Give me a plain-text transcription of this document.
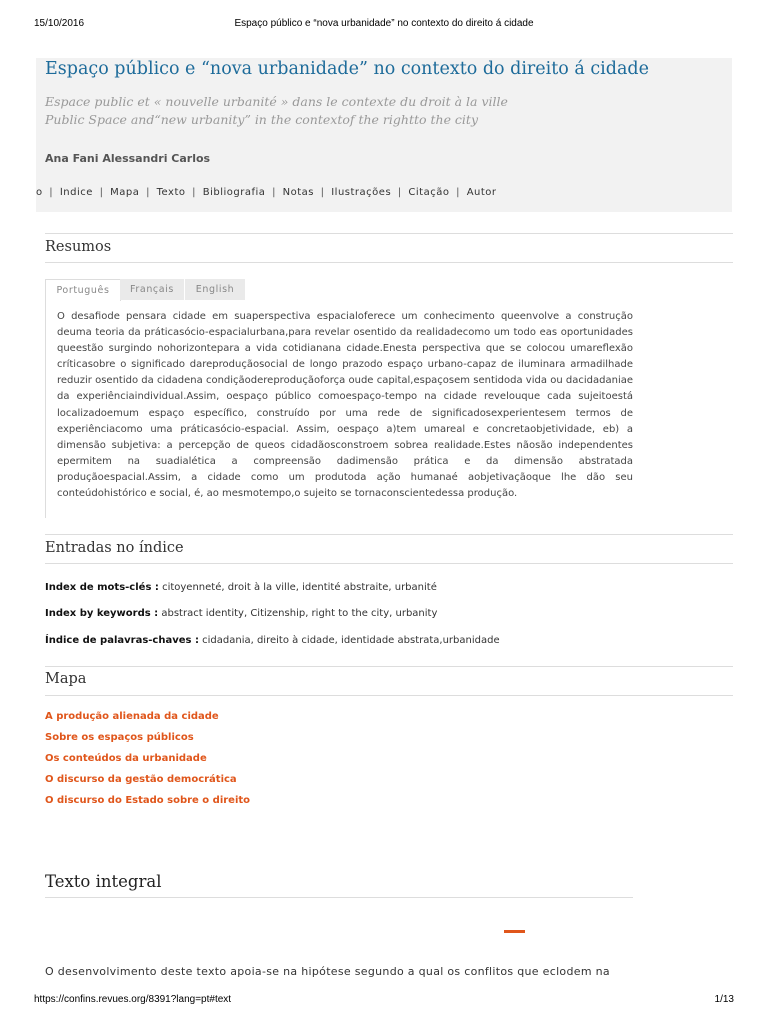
15/10/2016	Espaço público e “nova urbanidade” no contexto do direito á cidade
Espaço público e “nova urbanidade” no contexto do direito á cidade

Espace public et « nouvelle urbanité » dans le contexte du droit à la ville

Public Space and“new urbanity” in the contextof the rightto the city

Ana Fani Alessandri Carlos

o | Índice | Mapa | Texto | Bibliografia | Notas | Ilustrações | Citação | Autor
Resumos
Português	Français	English

O desafiode pensara cidade em suaperspectiva espacialoferece um conhecimento queenvolve a construção deuma teoria da práticasócio-espacialurbana,para revelar osentido da realidadecomo um todo eas oportunidades queestão surgindo nohorizontepara a vida cotidianana cidade.Enesta perspectiva que se colocou umareflexão críticasobre o significado dareproduçãosocial de longo prazodo espaço urbano-capaz de iluminara armadilhade reduzir osentido da cidadena condiçãodereproduçãoforça oude capital,espaçosem sentidoda vida ou dacidadaniae da experiênciaindividual.Assim, oespaço público comoespaço-tempo na cidade revelouque cada sujeitoestá localizadoemum espaço específico, construído por uma rede de significadosexperientesem termos de experiênciacomo uma práticasócio-espacial. Assim, oespaço a)tem umareal e concretaobjetividade, eb) a dimensão subjetiva: a percepção de queos cidadãosconstroem sobrea realidade.Estes nãosão independentes epermitem na suadialética a compreensão dadimensão prática e da dimensão abstratada produçãoespacial.Assim, a cidade como um produtoda ação humanaé aobjetivaçãoque lhe dão seu conteúdohistórico e social, é, ao mesmotempo,o sujeito se tornaconscientedessa produção.

Entradas no índice

Index de mots-clés : citoyenneté, droit à la ville, identité abstraite, urbanité

Index by keywords : abstract identity, Citizenship, right to the city, urbanity

Índice de palavras-chaves : cidadania, direito à cidade, identidade abstrata,urbanidade

Mapa
A produção alienada da cidade
Sobre os espaços públicos
Os conteúdos da urbanidade
O discurso da gestão democrática
O discurso do Estado sobre o direito
Texto integral

O desenvolvimento deste texto apoia-se na hipótese segundo a qual os conflitos que eclodem na

https://confins.revues.org/8391?lang=pt#text	1/13
